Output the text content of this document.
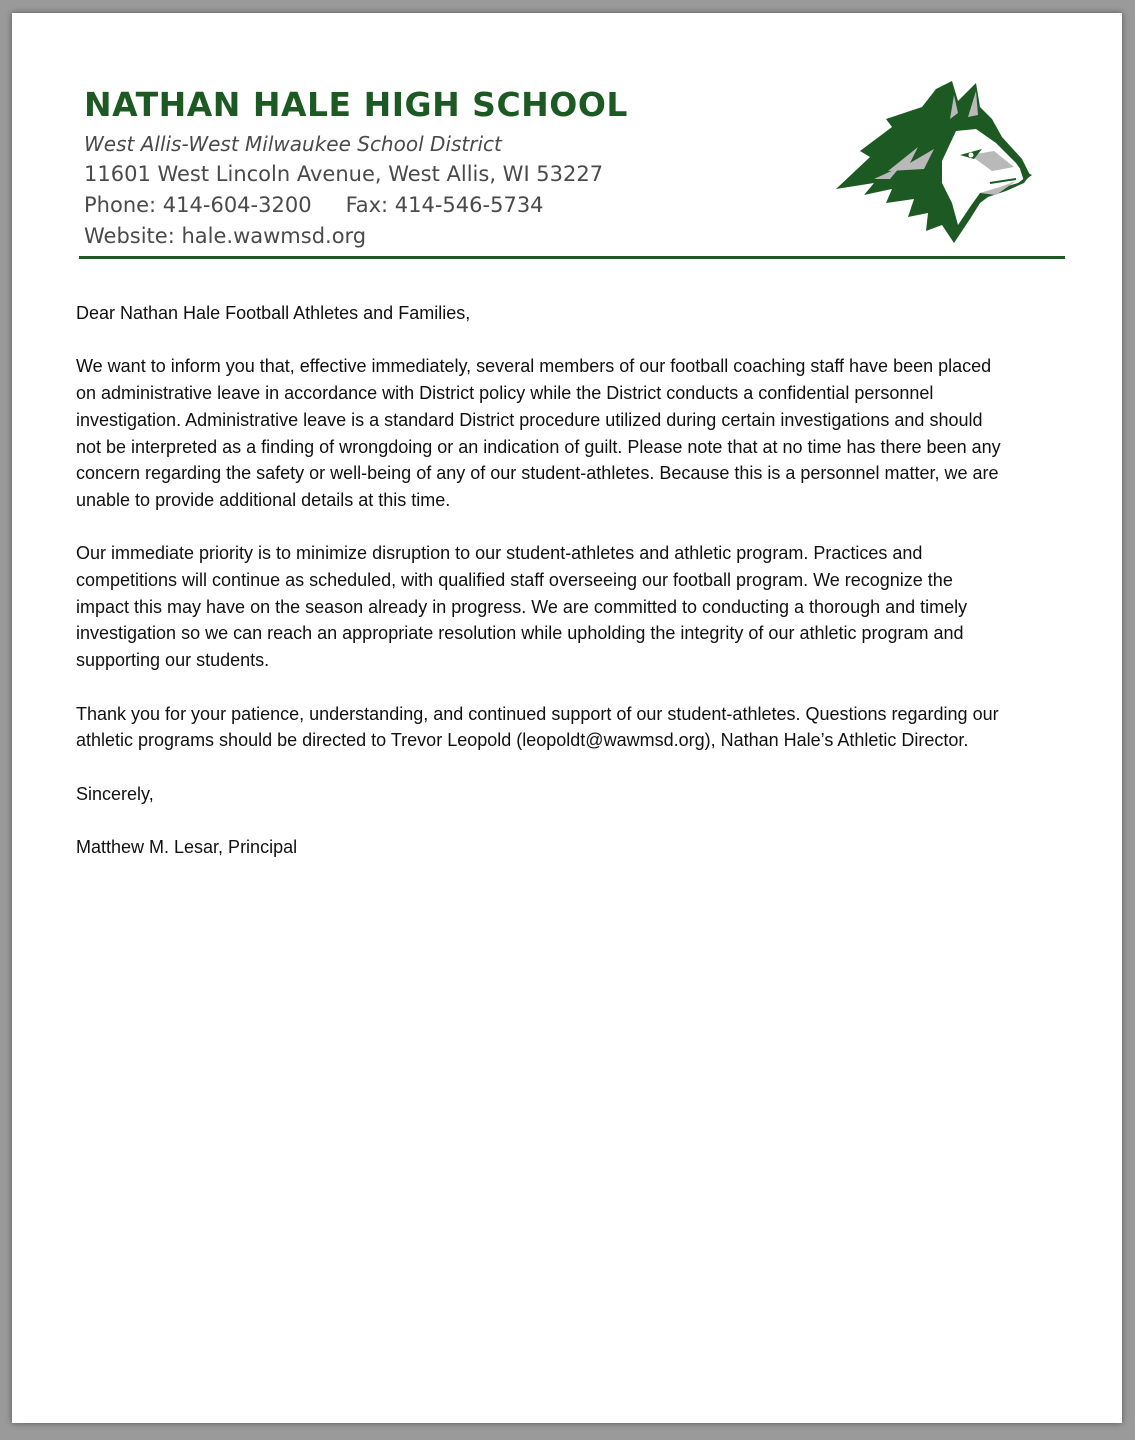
NATHAN HALE HIGH SCHOOL

West Allis-West Milwaukee School District

11601 West Lincoln Avenue, West Allis, WI 53227

Phone: 414-604-3200 Fax: 414-546-5734

Website: hale.wawmsd.org

Dear Nathan Hale Football Athletes and Families,

We want to inform you that, effective immediately, several members of our football coaching staff have been placed on administrative leave in accordance with District policy while the District conducts a confidential personnel investigation. Administrative leave is a standard District procedure utilized during certain investigations and should not be interpreted as a finding of wrongdoing or an indication of guilt. Please note that at no time has there been any concern regarding the safety or well-being of any of our student-athletes. Because this is a personnel matter, we are unable to provide additional details at this time.

Our immediate priority is to minimize disruption to our student-athletes and athletic program. Practices and competitions will continue as scheduled, with qualified staff overseeing our football program. We recognize the impact this may have on the season already in progress. We are committed to conducting a thorough and timely investigation so we can reach an appropriate resolution while upholding the integrity of our athletic program and supporting our students.

Thank you for your patience, understanding, and continued support of our student-athletes. Questions regarding our athletic programs should be directed to Trevor Leopold (leopoldt@wawmsd.org), Nathan Hale’s Athletic Director.

Sincerely,

Matthew M. Lesar, Principal
